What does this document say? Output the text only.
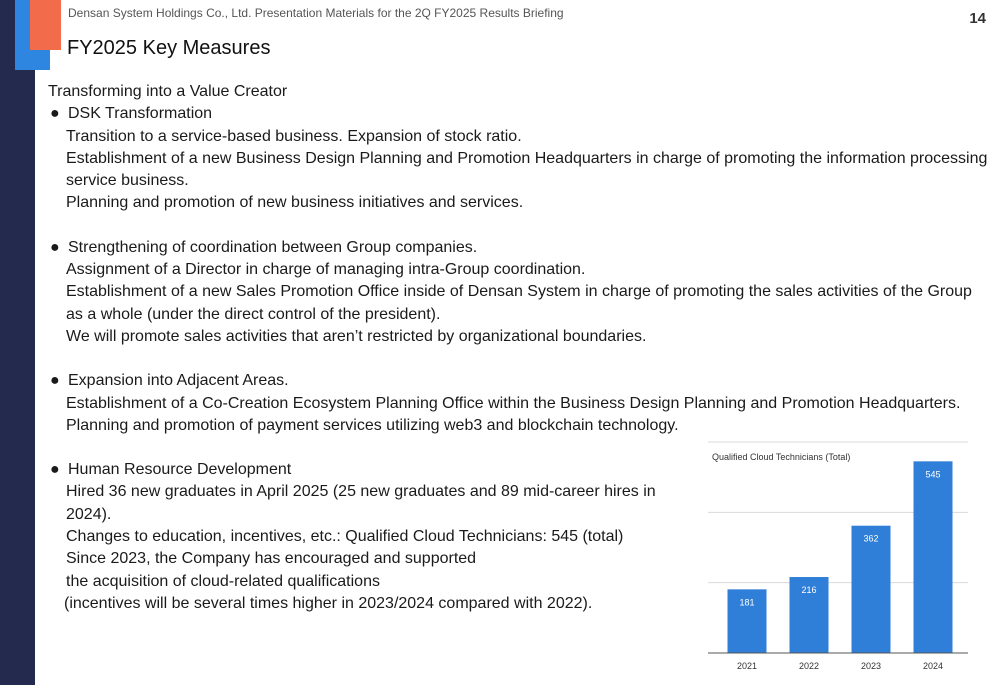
Densan System Holdings Co., Ltd. Presentation Materials for the 2Q FY2025 Results Briefing	14
FY2025 Key Measures

Transforming into a Value Creator

● DSK Transformation

Transition to a service-based business. Expansion of stock ratio.

Establishment of a new Business Design Planning and Promotion Headquarters in charge of promoting the information processing service business.

Planning and promotion of new business initiatives and services.

● Strengthening of coordination between Group companies.

Assignment of a Director in charge of managing intra-Group coordination.

Establishment of a new Sales Promotion Office inside of Densan System in charge of promoting the sales activities of the Group as a whole (under the direct control of the president).

We will promote sales activities that aren’t restricted by organizational boundaries.

● Expansion into Adjacent Areas.

Establishment of a Co-Creation Ecosystem Planning Office within the Business Design Planning and Promotion Headquarters.

Planning and promotion of payment services utilizing web3 and blockchain technology.

● Human Resource Development

Hired 36 new graduates in April 2025 (25 new graduates and 89 mid-career hires in 2024).

Changes to education, incentives, etc.: Qualified Cloud Technicians: 545 (total)

Since 2023, the Company has encouraged and supported

the acquisition of cloud-related qualifications

(incentives will be several times higher in 2023/2024 compared with 2022).

Qualified Cloud Technicians (Total)
181
2021
216
2022
362
2023
545
2024
